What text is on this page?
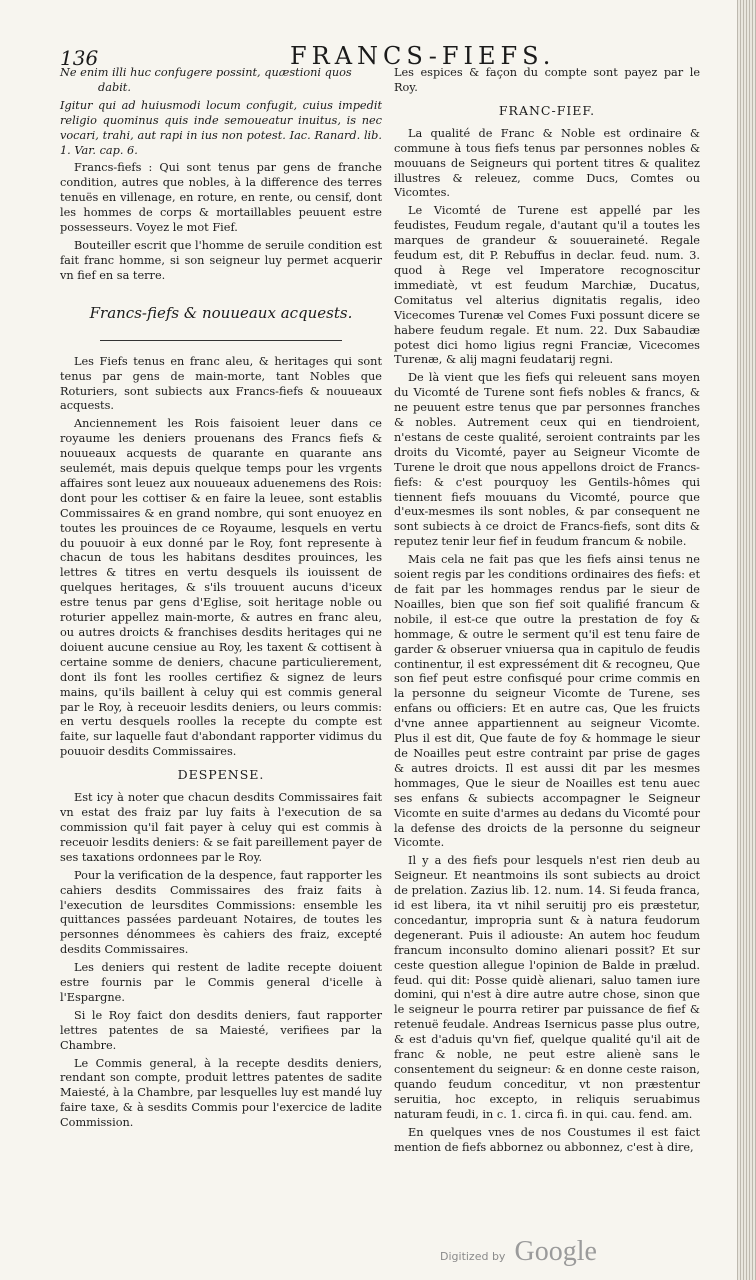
136	FRANCS-FIEFS.

Ne enim illi huc confugere possint, quæstioni quos
dabit.

Igitur qui ad huiusmodi locum confugit, cuius impedit religio quominus quis inde semoueatur inuitus, is nec vocari, trahi, aut rapi in ius non potest. Iac. Ranard. lib. 1. Var. cap. 6.

Francs-fiefs : Qui sont tenus par gens de franche condition, autres que nobles, à la difference des terres tenuës en villenage, en roture, en rente, ou censif, dont les hommes de corps & mortaillables peuuent estre possesseurs. Voyez le mot Fief.

Bouteiller escrit que l'homme de seruile condition est fait franc homme, si son seigneur luy permet acquerir vn fief en sa terre.

Francs-fiefs & nouueaux acquests.

Les Fiefs tenus en franc aleu, & heritages qui sont tenus par gens de main-morte, tant Nobles que Roturiers, sont subiects aux Francs-fiefs & nouueaux acquests.

Anciennement les Rois faisoient leuer dans ce royaume les deniers prouenans des Francs fiefs & nouueaux acquests de quarante en quarante ans seulemét, mais depuis quelque temps pour les vrgents affaires sont leuez aux nouueaux aduenemens des Rois: dont pour les cottiser & en faire la leuee, sont establis Commissaires & en grand nombre, qui sont enuoyez en toutes les prouinces de ce Royaume, lesquels en vertu du pouuoir à eux donné par le Roy, font represente à chacun de tous les habitans desdites prouinces, les lettres & titres en vertu desquels ils iouissent de quelques heritages, & s'ils trouuent aucuns d'iceux estre tenus par gens d'Eglise, soit heritage noble ou roturier appellez main-morte, & autres en franc aleu, ou autres droicts & franchises desdits heritages qui ne doiuent aucune censiue au Roy, les taxent & cottisent à certaine somme de deniers, chacune particulierement, dont ils font les roolles certifiez & signez de leurs mains, qu'ils baillent à celuy qui est commis general par le Roy, à receuoir lesdits deniers, ou leurs commis: en vertu desquels roolles la recepte du compte est faite, sur laquelle faut d'abondant rapporter vidimus du pouuoir desdits Commissaires.

DESPENSE.

Est icy à noter que chacun desdits Commissaires fait vn estat des fraiz par luy faits à l'execution de sa commission qu'il fait payer à celuy qui est commis à receuoir lesdits deniers: & se fait pareillement payer de ses taxations ordonnees par le Roy.

Pour la verification de la despence, faut rapporter les cahiers desdits Commissaires des fraiz faits à l'execution de leursdites Commissions: ensemble les quittances passées pardeuant Notaires, de toutes les personnes dénommees ès cahiers des fraiz, excepté desdits Commissaires.

Les deniers qui restent de ladite recepte doiuent estre fournis par le Commis general d'icelle à l'Espargne.

Si le Roy faict don desdits deniers, faut rapporter lettres patentes de sa Maiesté, verifiees par la Chambre.

Le Commis general, à la recepte desdits deniers, rendant son compte, produit lettres patentes de sadite Maiesté, à la Chambre, par lesquelles luy est mandé luy faire taxe, & à sesdits Commis pour l'exercice de ladite Commission.

Les espices & façon du compte sont payez par le Roy.

FRANC-FIEF.

La qualité de Franc & Noble est ordinaire & commune à tous fiefs tenus par personnes nobles & mouuans de Seigneurs qui portent titres & qualitez illustres & releuez, comme Ducs, Comtes ou Vicomtes.

Le Vicomté de Turene est appellé par les feudistes, Feudum regale, d'autant qu'il a toutes les marques de grandeur & souueraineté. Regale feudum est, dit P. Rebuffus in declar. feud. num. 3. quod à Rege vel Imperatore recognoscitur immediatè, vt est feudum Marchiæ, Ducatus, Comitatus vel alterius dignitatis regalis, ideo Vicecomes Turenæ vel Comes Fuxi possunt dicere se habere feudum regale. Et num. 22. Dux Sabaudiæ potest dici homo ligius regni Franciæ, Vicecomes Turenæ, & alij magni feudatarij regni.

De là vient que les fiefs qui releuent sans moyen du Vicomté de Turene sont fiefs nobles & francs, & ne peuuent estre tenus que par personnes franches & nobles. Autrement ceux qui en tiendroient, n'estans de ceste qualité, seroient contraints par les droits du Vicomté, payer au Seigneur Vicomte de Turene le droit que nous appellons droict de Francs-fiefs: & c'est pourquoy les Gentils-hômes qui tiennent fiefs mouuans du Vicomté, pource que d'eux-mesmes ils sont nobles, & par consequent ne sont subiects à ce droict de Francs-fiefs, sont dits & reputez tenir leur fief in feudum francum & nobile.

Mais cela ne fait pas que les fiefs ainsi tenus ne soient regis par les conditions ordinaires des fiefs: et de fait par les hommages rendus par le sieur de Noailles, bien que son fief soit qualifié francum & nobile, il est-ce que outre la prestation de foy & hommage, & outre le serment qu'il est tenu faire de garder & obseruer vniuersa qua in capitulo de feudis continentur, il est expressément dit & recogneu, Que son fief peut estre confisqué pour crime commis en la personne du seigneur Vicomte de Turene, ses enfans ou officiers: Et en autre cas, Que les fruicts d'vne annee appartiennent au seigneur Vicomte. Plus il est dit, Que faute de foy & hommage le sieur de Noailles peut estre contraint par prise de gages & autres droicts. Il est aussi dit par les mesmes hommages, Que le sieur de Noailles est tenu auec ses enfans & subiects accompagner le Seigneur Vicomte en suite d'armes au dedans du Vicomté pour la defense des droicts de la personne du seigneur Vicomte.

Il y a des fiefs pour lesquels n'est rien deub au Seigneur. Et neantmoins ils sont subiects au droict de prelation. Zazius lib. 12. num. 14. Si feuda franca, id est libera, ita vt nihil seruitij pro eis præstetur, concedantur, impropria sunt & à natura feudorum degenerant. Puis il adiouste: An autem hoc feudum francum inconsulto domino alienari possit? Et sur ceste question allegue l'opinion de Balde in prælud. feud. qui dit: Posse quidè alienari, saluo tamen iure domini, qui n'est à dire autre autre chose, sinon que le seigneur le pourra retirer par puissance de fief & retenuë feudale. Andreas Isernicus passe plus outre, & est d'aduis qu'vn fief, quelque qualité qu'il ait de franc & noble, ne peut estre alienè sans le consentement du seigneur: & en donne ceste raison, quando feudum conceditur, vt non præstentur seruitia, hoc excepto, in reliquis seruabimus naturam feudi, in c. 1. circa fi. in qui. cau. fend. am.

En quelques vnes de nos Coustumes il est faict mention de fiefs abbornez ou abbonnez, c'est à dire,

Digitized by Google
